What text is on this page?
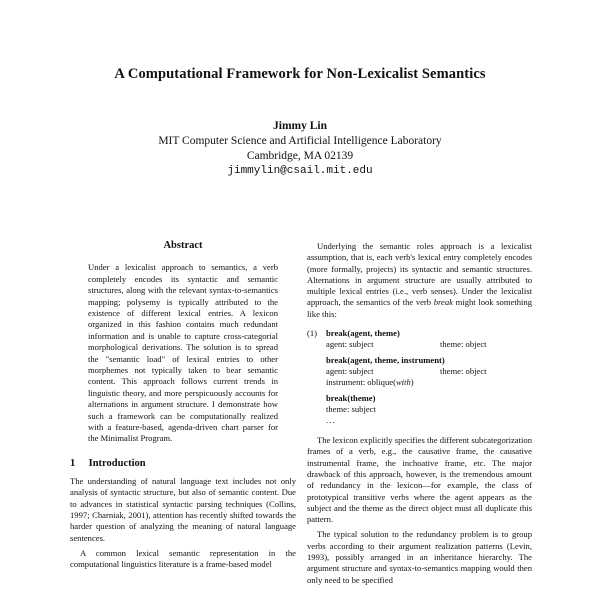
A Computational Framework for Non-Lexicalist Semantics
Jimmy Lin
MIT Computer Science and Artificial Intelligence Laboratory
Cambridge, MA 02139
jimmylin@csail.mit.edu
Abstract
Under a lexicalist approach to semantics, a verb completely encodes its syntactic and semantic structures, along with the relevant syntax-to-semantics mapping; polysemy is typically attributed to the existence of different lexical entries. A lexicon organized in this fashion contains much redundant information and is unable to capture cross-categorial morphological derivations. The solution is to spread the "semantic load" of lexical entries to other morphemes not typically taken to bear semantic content. This approach follows current trends in linguistic theory, and more perspicuously accounts for alternations in argument structure. I demonstrate how such a framework can be computationally realized with a feature-based, agenda-driven chart parser for the Minimalist Program.
1 Introduction

The understanding of natural language text includes not only analysis of syntactic structure, but also of semantic content. Due to advances in statistical syntactic parsing techniques (Collins, 1997; Charniak, 2001), attention has recently shifted towards the harder question of analyzing the meaning of natural language sentences.

A common lexical semantic representation in the computational linguistics literature is a frame-based model

Underlying the semantic roles approach is a lexicalist assumption, that is, each verb's lexical entry completely encodes (more formally, projects) its syntactic and semantic structures. Alternations in argument structure are usually attributed to multiple lexical entries (i.e., verb senses). Under the lexicalist approach, the semantics of the verb break might look something like this:

(1) break(agent, theme)
agent: subject	theme: object
break(agent, theme, instrument)
agent: subject	theme: object
instrument: oblique(with)
break(theme)
theme: subject
...

The lexicon explicitly specifies the different subcategorization frames of a verb, e.g., the causative frame, the causative instrumental frame, the inchoative frame, etc. The major drawback of this approach, however, is the tremendous amount of redundancy in the lexicon—for example, the class of prototypical transitive verbs where the agent appears as the subject and the theme as the direct object must all duplicate this pattern.

The typical solution to the redundancy problem is to group verbs according to their argument realization patterns (Levin, 1993), possibly arranged in an inheritance hierarchy. The argument structure and syntax-to-semantics mapping would then only need to be specified
